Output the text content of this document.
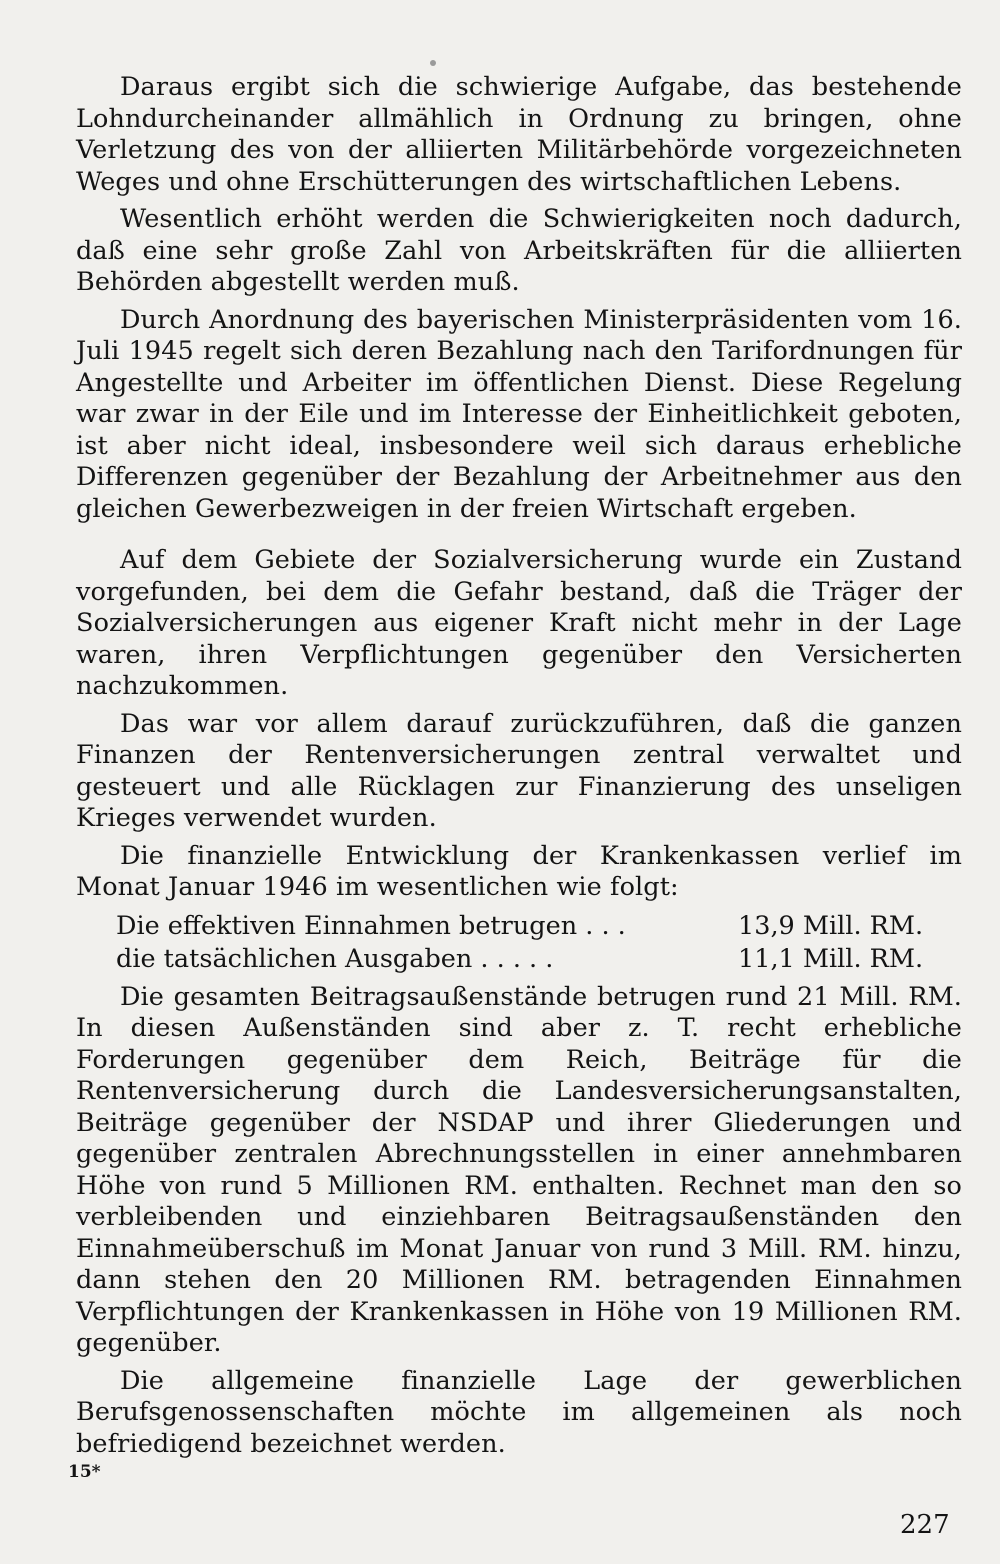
Daraus ergibt sich die schwierige Aufgabe, das bestehende Lohndurcheinander allmählich in Ordnung zu bringen, ohne Verletzung des von der alliierten Militärbehörde vorgezeichneten Weges und ohne Erschütterungen des wirtschaftlichen Lebens.

Wesentlich erhöht werden die Schwierigkeiten noch dadurch, daß eine sehr große Zahl von Arbeitskräften für die alliierten Behörden abgestellt werden muß.

Durch Anordnung des bayerischen Ministerpräsidenten vom 16. Juli 1945 regelt sich deren Bezahlung nach den Tarifordnungen für Angestellte und Arbeiter im öffentlichen Dienst. Diese Regelung war zwar in der Eile und im Interesse der Einheitlichkeit geboten, ist aber nicht ideal, insbesondere weil sich daraus erhebliche Differenzen gegenüber der Bezahlung der Arbeitnehmer aus den gleichen Gewerbezweigen in der freien Wirtschaft ergeben.

Auf dem Gebiete der Sozialversicherung wurde ein Zustand vorgefunden, bei dem die Gefahr bestand, daß die Träger der Sozialversicherungen aus eigener Kraft nicht mehr in der Lage waren, ihren Verpflichtungen gegenüber den Versicherten nachzukommen.

Das war vor allem darauf zurückzuführen, daß die ganzen Finanzen der Rentenversicherungen zentral verwaltet und gesteuert und alle Rücklagen zur Finanzierung des unseligen Krieges verwendet wurden.

Die finanzielle Entwicklung der Krankenkassen verlief im Monat Januar 1946 im wesentlichen wie folgt:

Die effektiven Einnahmen betrugen . . .	13,9 Mill. RM.
die tatsächlichen Ausgaben . . . . .	11,1 Mill. RM.

Die gesamten Beitragsaußenstände betrugen rund 21 Mill. RM. In diesen Außenständen sind aber z. T. recht erhebliche Forderungen gegenüber dem Reich, Beiträge für die Rentenversicherung durch die Landesversicherungsanstalten, Beiträge gegenüber der NSDAP und ihrer Gliederungen und gegenüber zentralen Abrechnungsstellen in einer annehmbaren Höhe von rund 5 Millionen RM. enthalten. Rechnet man den so verbleibenden und einziehbaren Beitragsaußenständen den Einnahmeüberschuß im Monat Januar von rund 3 Mill. RM. hinzu, dann stehen den 20 Millionen RM. betragenden Einnahmen Verpflichtungen der Krankenkassen in Höhe von 19 Millionen RM. gegenüber.

Die allgemeine finanzielle Lage der gewerblichen Berufsgenossenschaften möchte im allgemeinen als noch befriedigend bezeichnet werden.

15*
227
